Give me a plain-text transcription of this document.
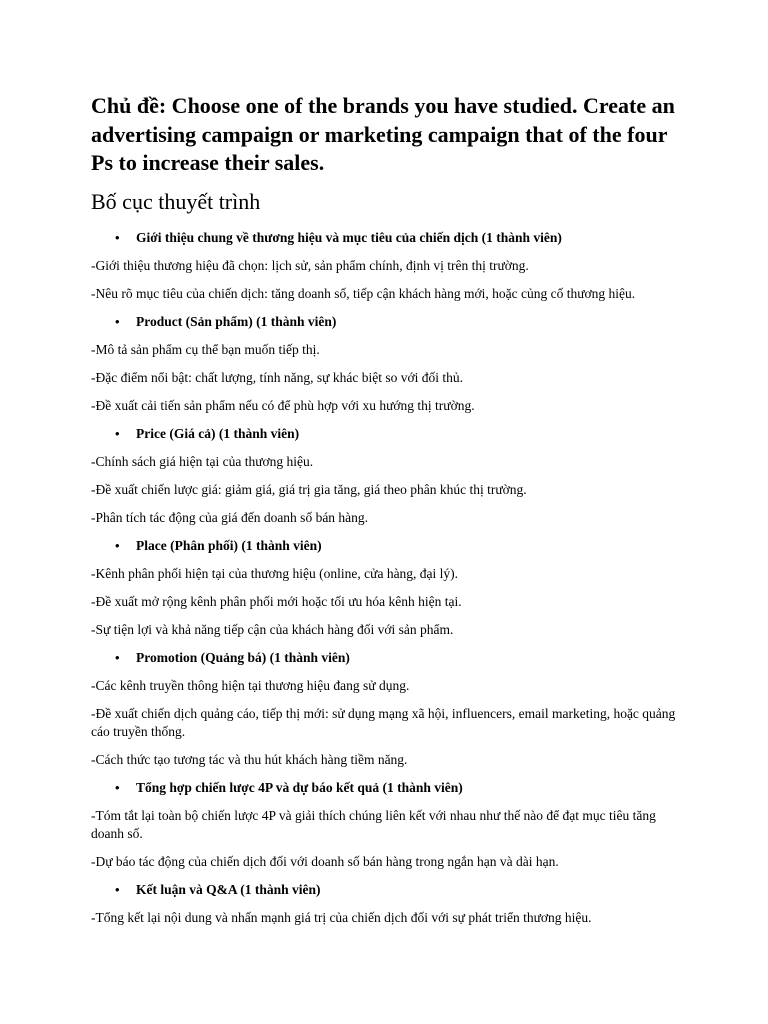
Chủ đề: Choose one of the brands you have studied. Create an advertising campaign or marketing campaign that of the four Ps to increase their sales.
Bố cục thuyết trình
• Giới thiệu chung về thương hiệu và mục tiêu của chiến dịch (1 thành viên)

-Giới thiệu thương hiệu đã chọn: lịch sử, sản phẩm chính, định vị trên thị trường.

-Nêu rõ mục tiêu của chiến dịch: tăng doanh số, tiếp cận khách hàng mới, hoặc củng cố thương hiệu.

• Product (Sản phẩm) (1 thành viên)

-Mô tả sản phẩm cụ thể bạn muốn tiếp thị.

-Đặc điểm nổi bật: chất lượng, tính năng, sự khác biệt so với đối thủ.

-Đề xuất cải tiến sản phẩm nếu có để phù hợp với xu hướng thị trường.

• Price (Giá cả) (1 thành viên)

-Chính sách giá hiện tại của thương hiệu.

-Đề xuất chiến lược giá: giảm giá, giá trị gia tăng, giá theo phân khúc thị trường.

-Phân tích tác động của giá đến doanh số bán hàng.

• Place (Phân phối) (1 thành viên)

-Kênh phân phối hiện tại của thương hiệu (online, cửa hàng, đại lý).

-Đề xuất mở rộng kênh phân phối mới hoặc tối ưu hóa kênh hiện tại.

-Sự tiện lợi và khả năng tiếp cận của khách hàng đối với sản phẩm.

• Promotion (Quảng bá) (1 thành viên)

-Các kênh truyền thông hiện tại thương hiệu đang sử dụng.

-Đề xuất chiến dịch quảng cáo, tiếp thị mới: sử dụng mạng xã hội, influencers, email marketing, hoặc quảng cáo truyền thống.

-Cách thức tạo tương tác và thu hút khách hàng tiềm năng.

• Tổng hợp chiến lược 4P và dự báo kết quả (1 thành viên)

-Tóm tắt lại toàn bộ chiến lược 4P và giải thích chúng liên kết với nhau như thế nào để đạt mục tiêu tăng doanh số.

-Dự báo tác động của chiến dịch đối với doanh số bán hàng trong ngắn hạn và dài hạn.

• Kết luận và Q&A (1 thành viên)

-Tổng kết lại nội dung và nhấn mạnh giá trị của chiến dịch đối với sự phát triển thương hiệu.
